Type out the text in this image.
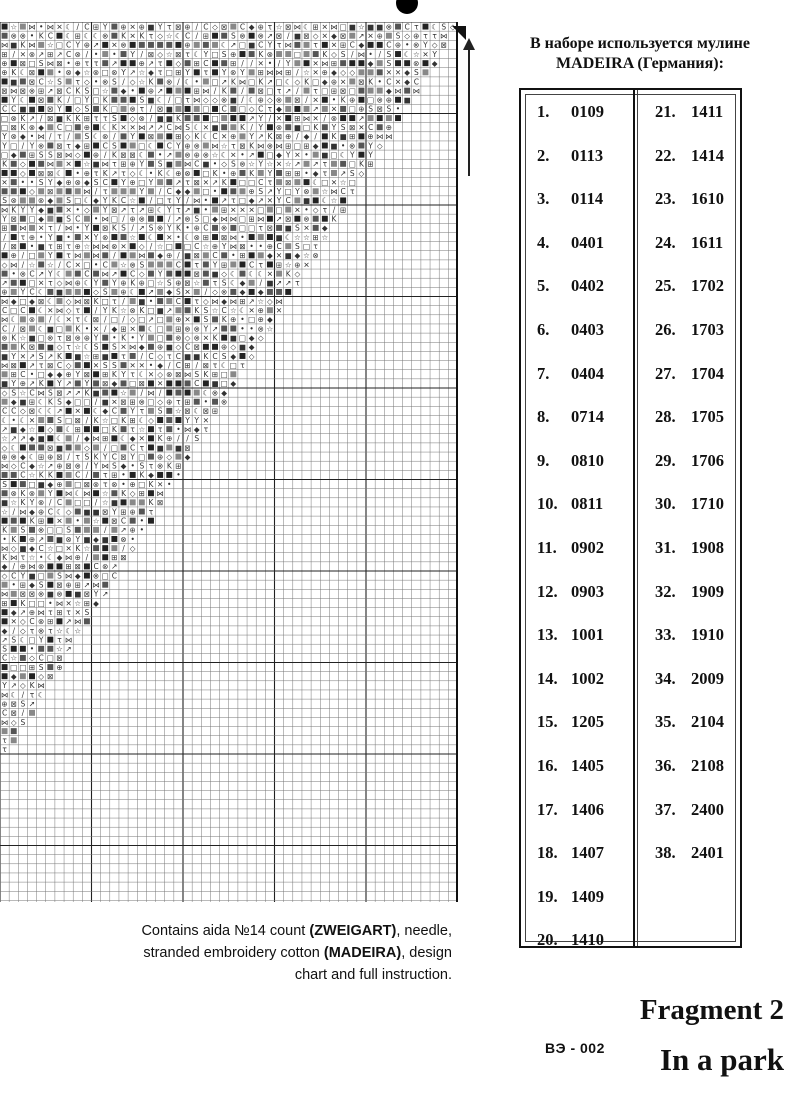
☆ ⋈ • ⋈ ✕ ☾ / C ⊞ Y ⊕ ✕ ⊕ ■ Y τ ⊠ ⊕ / C ◇ ⊠ C ◆ ⊕ τ ☆ ⊠ ⋈ ☾ ⊞ ✕ ⋈ □ ■ ☆ ■ ■ ⊗ C τ ☾ S ◇
⊗ ⊗ • K C ☾ ⊞ ☾ ☾ ⊗ K ✕ K τ ◇ ☆ ☾ C / ⊞	S ⊗ ⊗ ↗ ⊠ / ■ ⊠ ◇ ✕ ◆ ⊠ ↗ ✕ ⊕ S ◇ ⊕ τ τ ⋈
⋈ ■ K ⋈ ☆ □ C Y ⊕ ↗ ✕ ⊗	⊕	☾ ↗ □ ■ C Y τ ⋈	τ ✕ ⊞ C ◆	C ⊕ • ⊗ Y ◇ ⊠
⊞ / ✕ ⊗ ↗ ⊞ ↗ C ⊗ / • • Y / ⊠ ◇ ☆ ⊠ τ ☾ Y □ S ⊕	K ⊗	□	K ◇ S / ⋈ • / S ☾ ☆ ✕ Y
⊕ ⊠ □ S ⋈ ⊠ • ⊕ τ τ ↗	⊕ ↗ τ ◇ ⊞ C	⊞ / / ✕ • / Y	✕ ⋈ ⊞	◆ S	⊗ ◆
⊕ K ☾ ⊠	• ⊗ ◆ ☆ ⊗ □ ⊗ Y ↗ ☆ ◆ τ □ ⊞ Y τ Y ⊗ Y ⊞ ⋈ ⋈ ⊞ / ☆ ✕ ⊕ ◆ ◇ ◇	✕ ✕ ◆ S
■ ⊠ C ☆ S τ ◇ • ⊗ S / ◇ ☆ K ⊗ / ☾ • □ ↗ K ⋈ □ K ↗ □ ☾ ◇ K □ ◆ ⊕ ✕ ⊠ K • C ✕ ◆ C
⊠ ⋈ ⊠ ⊗ ⊞ ↗ ⊠ C K S □ ☆ ◆ • ⊕ ↗	⊞ ⋈ / K / ⊠ □ τ ↗ / τ □ ⊞ ⊠ □	◆ ⋈ ⋈
Y ☾ ⊠ K / □ Y □ K	S ■ ☾ / □ τ ⋈ ◇ ◇ ⊗ ■ / ☾ ⊕ ◇ ⊗ ⊠ / ✕ • K ⊕ □ ⊗ ⊕ ■
C C ■ ■ ⊠ Y ◇ S K □ ⊗ τ / ⊠ ■	□ C □ ◇ C τ ◆	↗ ✕ □ ⊕ S ⊠ S •
□ ⊗ K ↗ / ⊠ ■ K K ⊞ τ τ S ◇ ⊗ / ■ ■ K	□	↗ Y / ✕ ⊞ ⋈ ✕ / ⊗	↗
□ ⊠ K ⊗ ◆ C □ ⊕ ☾ K ✕ ✕ ⋈ ↗ ↗ C ⋈ S ☾ ✕ ■	K / Y ⊗ ■ □ K Y S ⊠ ✕ C ⊕
Y ⊗ ◆ • ⋈ / τ / S ☾ ⊗ / Y ⊠	⊞ ◇ K ☾ C ✕ ⊕ Y ↗ K ⊠ ⊕ / ◆ / K ■ ⊞ ⊕ ⋈ ⋈
Y □ / Y ⊗ ⊠ τ ◆ ⊞ C S	□ ☾ C Y ⊕ ⊗ ⋈ ☆ τ ⊠ K ⋈ ⊗ ⋈ ⊞ □ ⊞ ◆ ■ • ⊗ Y ◇
□ ◆ ⊞ S S ⊠ ⋈ ◇ ⊕ / K ⊠ ⊠ ☾ • ↗ ⊗ ⊕ ⊗ ☆ ☾ ✕ • ↗ □ ◆ Y ✕ • ■ □ ☾ Y Y
K ◇	⋈ ✕ ☆ ■ ⋈ τ ⊞ ⊕ Y S ■ ⋈ C ■ • ◇ S ⊗ ☆ Y ☆ ✕ ☆ ↗ ↗ τ	□ K ⊞
◇ ⊠ ⊠ ☾ • ⊕ τ K ↗ τ ◇ ☾ • K ☾ ⊕ ⊗ □ K • ⊕ K Y ⊞ ⊞ • ◆ τ ↗ S ◇
✕ • • S Y ◆ ⊕ ⊗ ◆ S C Y ⊕ □ Y	↗ τ ⊠ ✕ ↗ K □ □ C τ ⊠	☾ □ ✕ ☆ □
◇ ⊠	⋈ / τ	Y / C ◆ ◆ □ •	⊕ S ↗ Y □ Y ⊗ ☆ ⋈ C τ
S ⊗	⊗ ◆ S □ ☾ ◆ Y K C ☆ / □ τ Y / ⋈ • ↗ τ □ ◆ ↗ ✕ Y C ■ ☾ ☆
⋈ K Y Y ◆ ■ ✕ • ◇ Y ⊠ ↗ τ ↗ ⊞ ☾ Y τ ↗ ■ • ⊞ ✕ ✕ ✕ □ □ ✕ • ◇ τ / ⊞
Y ⊠ □ ◆ ■ S C • ⋈ □ / ⊕ ⊗	/ ↗ ⊗ S □ ◆ ⋈ ⋈ □ ⊞ ⋈ ↗ ⊠ ⊗	K
⊞ ⋈ ✕ τ / ⋈ • Y ⊠ K S / ↗ S ⊗ Y K • ⊕ C ⊗ □ □ τ ⊠ ■ S ✕ ◆
/ τ ⊕ • Y ■ • ✕ Y ⊗	☆ ☾ ✕ • ☾ ⊗ ⊞ ⊠ ⋈ •	■ ☾ ☆ ☆ ⊞ ☆
/ ⊠ • ■ τ ⊞ τ ⊕ ☆ ⋈ ⋈ ⊗ ✕ ◇ / ☆ □ □ C ☆ ⊕ Y ⋈ ⊠ • • ⊕ C S □ τ
⊕ / □ Y τ ⋈ ⋈ /	⋈ ◆ ⊕ / ■ ⊠ C • ⊞	◆ ✕ ■ ◆ ☆ ⊗
◇ ⋈ / ☆ ☆ / C ✕ □ • C ☆ ⊗ S	C τ Y ⊞	C τ ⊞ ☆ ⊕ ✕
• ⊗ C ↗ Y ☾	C ⋈ ↗ C ◇ Y	⊠ ■ ◇ ☾ ☾ ☾ ✕ K ◇
↗	□ ✕ τ ◇ ⋈ ⊕ ☾ Y Y ⊕ K ⊕ □ ☆ S ⊕ ⊠ ☆ τ S ☾ ◆ / ■ ↗ ↗ τ
⊕ Y C ☾ ■	◇ S ⊕ ☾ ↗ ◆ S ✕ / ◇ ⊗ ◆ ◆
⋈ ◆ □ ◆ ⊠ ☾ ◇ ⋈ ⊠ K □ τ / ■ •	C τ ◇ ⋈ ◆ ⋈ ⊞ ↗ ☆ ◇ ⋈
C □ C ☾ ✕ ⋈ ◇ τ / Y K ☆ ⊗ K □ ■ ↗	K S ☆ C ☆ ☾ ✕ ⊕ ✕
⋈ ☾ ⊗ / ☾ ✕ τ ☾ ⊠ / □ / ◇ □ ↗ □ ⊕ ✕ S K ⊕ • □ ⊕ ◆
C / ⊠ ☾ ■ □ K • ✕ / ◆ ⊞ ✕ ☾ □ ⊞ ⊗ ⊗ Y ↗	• • ⊗ ☆
⊗ K ☆ ■ □ ⊗ τ ⊠ ⊗ ⊕ Y • K • Y □ ⊗ ◇ ⊗ ✕ K ■ □ ◆ ◇
K ⊠ ■ ◇ τ ☆ ☾ S S ✕ ⋈ ◆ ⊕ ■ ◇ C ⊠	⊕ ◇ ■ ◆
■ Y ✕ ↗ S ↗ K ■ ☆ ⊞ ■ τ / C ◇ τ C ■ ■ K C S ◆ ◇
⋈ ⊠ ↗ τ ⊠ C ◇	✕ S S ✕ ✕ • ◆ / C ⊞ / ⊠ τ ☾ □ τ
⊞ C • □ ◆ ◆ ⊕ Y ⊠ ⊞ K Y τ ☾ ✕ ◇ ⊗ ⊠ ⋈ S K ⊞ □
■ Y ⊕ ↗ K Y ↗ Y ⊠ ◆ □ ⊠ ✕	C ■ □ ◆
◇ S ☆ C ⋈ S ⊠ ↗ ↗ K ■	☆ / ⋈ /	☾ ⊗ ◆
◆ ■ ⊞ ☾ K S ◆ □ □ / ■ ✕ ⊠ ⊞ ⊗ □ ◇ ⊕ τ ⊞ • ⊗
C C ◇ ⊠ ☾ ☾ ↗ ✕ ☾ ◆ C Y τ S ☆ ⊠ ☾ ⊠ ⊞
☾ • ☾ ✕	S □ ⊠ / K ☆ □ K ⊞ ☾ ◇	Y Y ✕
↗ ■ ◆ ☆ ◇ ☾ ⊞	□ K τ ☆ τ • ⋈ ◆ τ
☆ ↗ ↗ ◆ ■ ☾ / ◆ ⋈ ⊞ ☾ ◆ ✕ K ⊕ / / S
◇ ☾	⊠ ■	◇ / □ C τ ■ ■ ⊠
⊕ ⊗ ◆ ☾ ⊞ ⊕ ⊠ / τ S K Y C ⊠ Y □ ⊕ ◇ ◆
⋈ ◇ C ◆ ☆ ↗ ⊕ ⊠ ⊗ / Y ⋈ S ◆ • S τ ⊗ K ⊞
C ☆ K K	C / τ ⊞ • K ◆	•
S	□ ■ ◆ ⊕ □ ⊠ ⊗ τ ⊗ • ⊕ □ K ✕ •
⊗ K ⊗ Y ⋈ ☾ ⋈ ☆ K ◇ ⊞ ⋈
■ ☆ K Y ⊗ / C □ □ / ☆ ■	K ⊠
☆ / ⋈ ◆ ⊕ C ☾ ◇ ■ ■ ⊠ Y ⊞ ⊕ τ
K ⊞ ✕ • ☆ ⊠ C •
K S ⊗ □ □ S	/ ↗ ⊕ •
• K ⊕ ↗ ■ ⊗ Y ■ ◆ ■ ⊗ •
⋈ ◇ ■ ◆ C ☆ □ ✕ K ☆	/ ◇
K ⋈ τ ☆ • ☾ ◆ ⋈ ⊕ /	⊞ ⊠
◆ / ⊕ ⋈ ⊗	⊞ ⊠ C ⊗ ↗
◇ C Y ■ □ S ⋈ ◆ ⊗ □ C
• ⊞ ◆ S ⊠ ⊕ ⊞ ↗ ⋈
⋈ ⊠ ⊠ ⊗ ■ ⊗ ■ ⊠ Y ↗
⊞ K □ □ • ⋈ ✕ ☆ ⊞ ◆
◆ ↗ ⊕ ⋈ τ ⊞ τ ✕ S
✕ ◇ C ⊗ ⊞ ↗ ⋈
◆ / ◇ τ ⊗ τ ☆ ☾ ☆
↗ S ☾ □ Y τ ⋈
S	•	☆ ↗
C ☆ ◇ C □ ⊠
□ □ ⊞ S ⊕
◆	◇ ⊠
Y ↗ ◇ K ⋈
⋈ ☾ / τ ☾
⊕ ⊠ S ↗
C ⊠ /
⋈ ◇ S
τ
τ
В наборе используется мулине
MADEIRA (Германия):
1. 0109
2. 0113
3. 0114
4. 0401
5. 0402
6. 0403
7. 0404
8. 0714
9. 0810
10. 0811
11. 0902
12. 0903
13. 1001
14. 1002
15. 1205
16. 1405
17. 1406
18. 1407
19. 1409
20. 1410
21. 1411
22. 1414
23. 1610
24. 1611
25. 1702
26. 1703
27. 1704
28. 1705
29. 1706
30. 1710
31. 1908
32. 1909
33. 1910
34. 2009
35. 2104
36. 2108
37. 2400
38. 2401
Contains aida №14 count (ZWEIGART), needle,
stranded embroidery cotton (MADEIRA), design
chart and full instruction.
Fragment 2
ВЭ - 002 In a park
